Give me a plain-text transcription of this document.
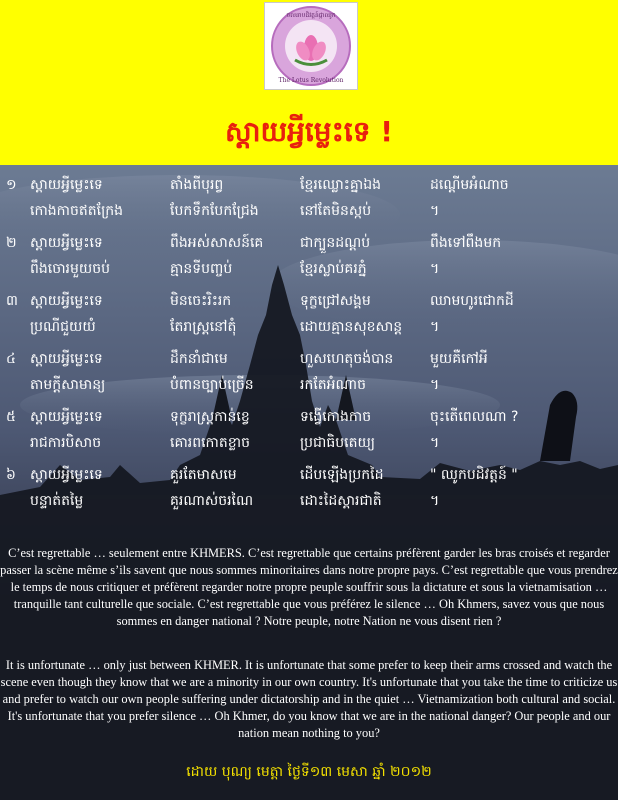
ចលនាបដិវត្តន៍ផ្កាឈូក
The Lotus Revolution
ស្តាយអ្វីម្លេះទេ !
១ ស្តាយអ្វីម្លេះទេ	តាំងពីបុរព្វ	ខ្មែរឈ្លោះគ្នាឯង	ដណ្តើមអំណាច
កោងកាចឥតក្រែង	បែកទឹកបែកជ្រែង	នៅតែមិនស្កប់	។
២ ស្តាយអ្វីម្លេះទេ	ពឹងអស់សាសន៍គេ	ជាក្បួនដណ្តប់	ពឹងទៅពឹងមក
ពឹងចោរមួយចប់	គ្មានទីបញ្ចប់	ខ្មែរស្លាប់គរភ្នំ	។
៣ ស្តាយអ្វីម្លេះទេ	មិនចេះរិះរក	ទុក្ខជ្រៅសង្គម	ឈាមហូរជោកដី
ប្រណីជួយយំ	តែរាស្ត្រនៅតុំ	ដោយគ្មានសុខសាន្ត ។
៤ ស្តាយអ្វីម្លេះទេ	ដឹកនាំជាមេ	ហួសហេតុចង់បាន	មួយគឺកៅអី
តាមក្តីសាមាន្យ	បំពានច្បាប់ច្រើន	រកតែអំណាច	។
៥ ស្តាយអ្វីម្លេះទេ	ទុក្ខរាស្ត្រកាន់ខ្វេ	ទង្វើកោងកាច	ចុះតើពេលណា ?
រាជការបិសាច	គោរពកោតខ្លាច	ប្រជាធិបតេយ្យ	។
៦ ស្តាយអ្វីម្លេះទេ	គួរតែមាសមេ	ដើបឡើងប្រកដៃ	" ឈូកបដិវត្តន៍ "
បន្ទាត់តម្លៃ	គួរណាស់ចរណៃ	ដោះដៃស្តារជាតិ	។
C’est regrettable … seulement entre KHMERS. C’est regrettable que certains préfèrent garder les bras croisés et regarder passer la scène même s’ils savent que nous sommes minoritaires dans notre propre pays. C’est regrettable que vous prendrez le temps de nous critiquer et préfèrent regarder notre propre peuple souffrir sous la dictature et sous la vietnamisation … tranquille tant culturelle que sociale. C’est regrettable que vous préférez le silence … Oh Khmers, savez vous que nous sommes en danger national ? Notre peuple, notre Nation ne vous disent rien ?
It is unfortunate … only just between KHMER. It is unfortunate that some prefer to keep their arms crossed and watch the scene even though they know that we are a minority in our own country. It's unfortunate that you take the time to criticize us and prefer to watch our own people suffering under dictatorship and in the quiet … Vietnamization both cultural and social. It's unfortunate that you prefer silence … Oh Khmer, do you know that we are in the national danger? Our people and our nation mean nothing to you?
ដោយ បុណ្យ មេត្តា ថ្ងៃទី១៣ មេសា ឆ្នាំ ២០១២
